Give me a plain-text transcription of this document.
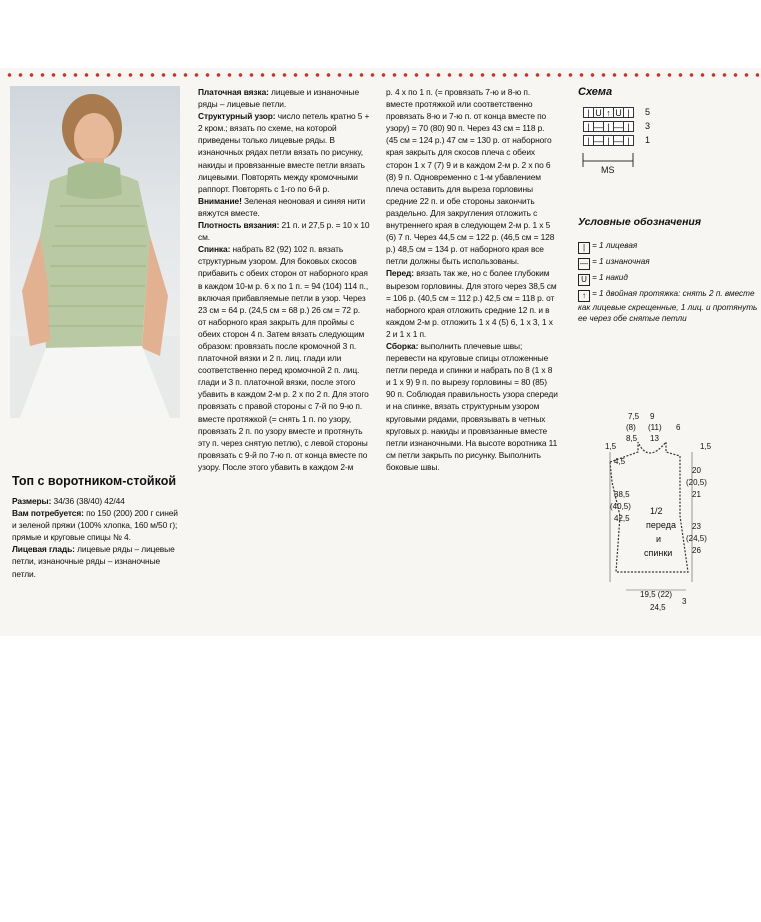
Топ с воротником-стойкой

Размеры: 34/36 (38/40) 42/44

Вам потребуется: по 150 (200) 200 г синей и зеленой пряжи (100% хлопка, 160 м/50 г); прямые и круговые спицы № 4.

Лицевая гладь: лицевые ряды – лицевые петли, изнаночные ряды – изнаночные петли.

Платочная вязка: лицевые и изнаночные ряды – лицевые петли.

Структурный узор: число петель кратно 5 + 2 кром.; вязать по схеме, на которой приведены только лицевые ряды. В изнаночных рядах петли вязать по рисунку, накиды и провязанные вместе петли вязать лицевыми. Повторять между кромочными раппорт. Повторять с 1-го по 6-й р.

Внимание! Зеленая неоновая и синяя нити вяжутся вместе.

Плотность вязания: 21 п. и 27,5 р. = 10 х 10 см.

Спинка: набрать 82 (92) 102 п. вязать структурным узором. Для боковых скосов прибавить с обеих сторон от наборного края в каждом 10-м р. 6 х по 1 п. = 94 (104) 114 п., включая прибавляемые петли в узор. Через 23 см = 64 р. (24,5 см = 68 р.) 26 см = 72 р. от наборного края закрыть для проймы с обеих сторон 4 п. Затем вязать следующим образом: провязать после кромочной 3 п. платочной вязки и 2 п. лиц. глади или соответственно перед кромочной 2 п. лиц. глади и 3 п. платочной вязки, после этого убавить в каждом 2-м р. 2 х по 2 п. Для этого провязать с правой стороны с 7-й по 9-ю п. вместе протяжкой (= снять 1 п. по узору, провязать 2 п. по узору вместе и протянуть эту п. через снятую петлю), с левой стороны провязать с 9-й по 7-ю п. от конца вместе по узору. После этого убавить в каждом 2-м

р. 4 х по 1 п. (= провязать 7-ю и 8-ю п. вместе протяжкой или соответственно провязать 8-ю и 7-ю п. от конца вместе по узору) = 70 (80) 90 п. Через 43 см = 118 р. (45 см = 124 р.) 47 см = 130 р. от наборного края закрыть для скосов плеча с обеих сторон 1 х 7 (7) 9 и в каждом 2-м р. 2 х по 6 (8) 9 п. Одновременно с 1-м убавлением плеча оставить для выреза горловины средние 22 п. и обе стороны закончить раздельно. Для закругления отложить с внутреннего края в следующем 2-м р. 1 х 5 (6) 7 п. Через 44,5 см = 122 р. (46,5 см = 128 р.) 48,5 см = 134 р. от наборного края все петли должны быть использованы.

Перед: вязать так же, но с более глубоким вырезом горловины. Для этого через 38,5 см = 106 р. (40,5 см = 112 р.) 42,5 см = 118 р. от наборного края отложить средние 12 п. и в каждом 2-м р. отложить 1 х 4 (5) 6, 1 х 3, 1 х 2 и 1 х 1 п.

Сборка: выполнить плечевые швы; перевести на круговые спицы отложенные петли переда и спинки и набрать по 8 (1 х 8 и 1 х 9) 9 п. по вырезу горловины = 80 (85) 90 п. Соблюдая правильность узора спереди и на спинке, вязать структурным узором круговыми рядами, провязывать в четных круговых р. накиды и провязанные вместе петли изнаночными. На высоте воротника 11 см петли закрыть по рисунку. Выполнить боковые швы.

Схема
| U ↑ U |
| — | — |
| — | — |
5
3
1
MS
Условные обозначения
| = 1 лицевая
— = 1 изнаночная
U = 1 накид
↑ = 1 двойная протяжка: снять 2 п. вместе как лицевые скрещенные, 1 лиц. и протянуть ее через обе снятые петли
7,5
(8)
8,5
9
(11)
13
6
1,5
4,5
38,5
(40,5)
42,5
1,5
20
(20,5)
21
23
(24,5)
26
1/2
переда
и
спинки
19,5 (22)
24,5
3
